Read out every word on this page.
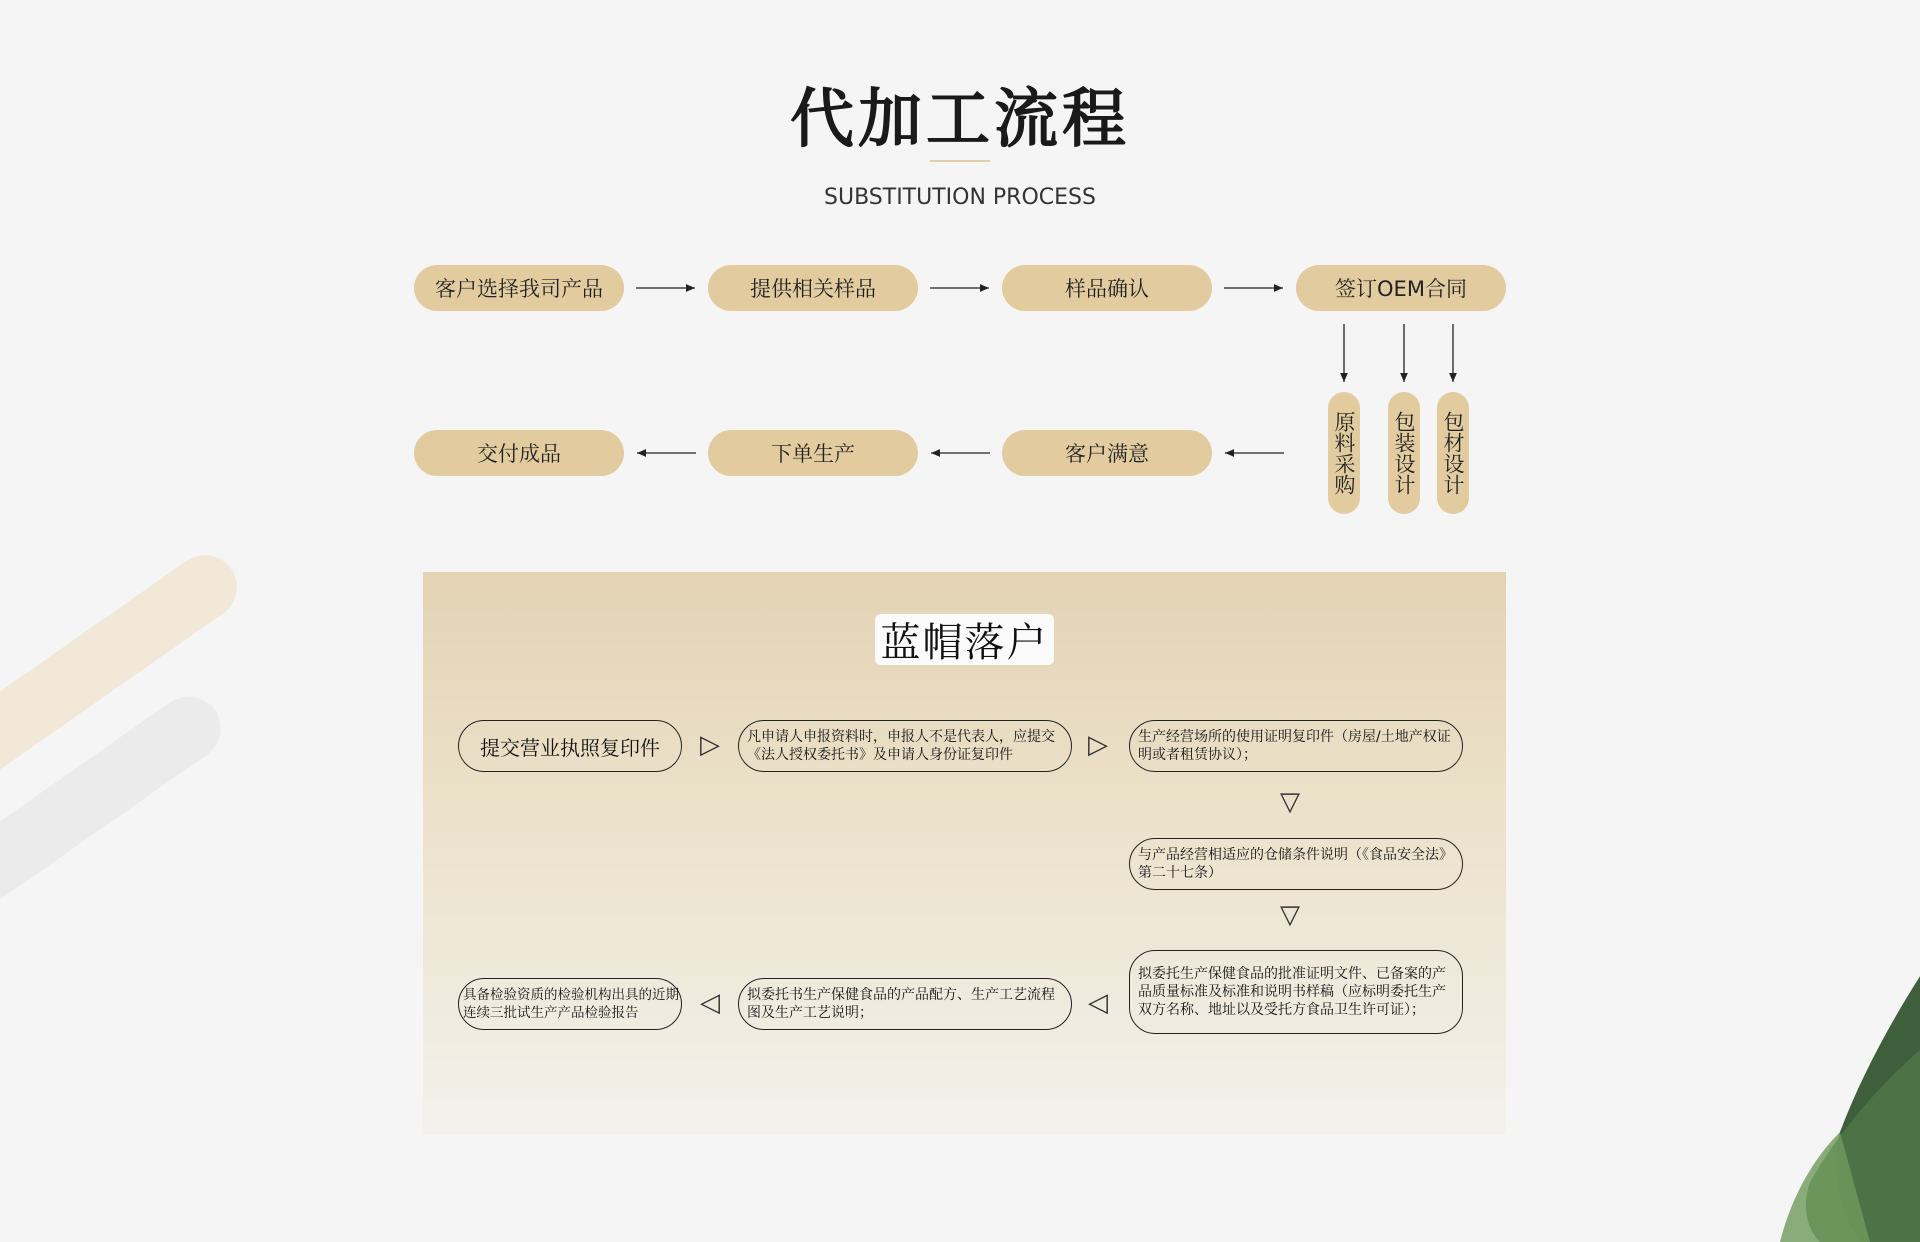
代加工流程
SUBSTITUTION PROCESS
客户选择我司产品	提供相关样品	样品确认	签订OEM合同
原料采购 包装设计 包材设计
交付成品	下单生产	客户满意
蓝帽落户
提交营业执照复印件 ▷ 凡申请人申报资料时，申报人不是代表人，应提交《法人授权委托书》及申请人身份证复印件	▷ 生产经营场所的使用证明复印件（房屋/土地产权证明或者租赁协议）；
▽
与产品经营相适应的仓储条件说明（《食品安全法》第二十七条）
▽
拟委托生产保健食品的批准证明文件、已备案的产品质量标准及标准和说明书样稿（应标明委托生产双方名称、地址以及受托方食品卫生许可证）；
◁
拟委托书生产保健食品的产品配方、生产工艺流程图及生产工艺说明；
◁
具备检验资质的检验机构出具的近期连续三批试生产产品检验报告
